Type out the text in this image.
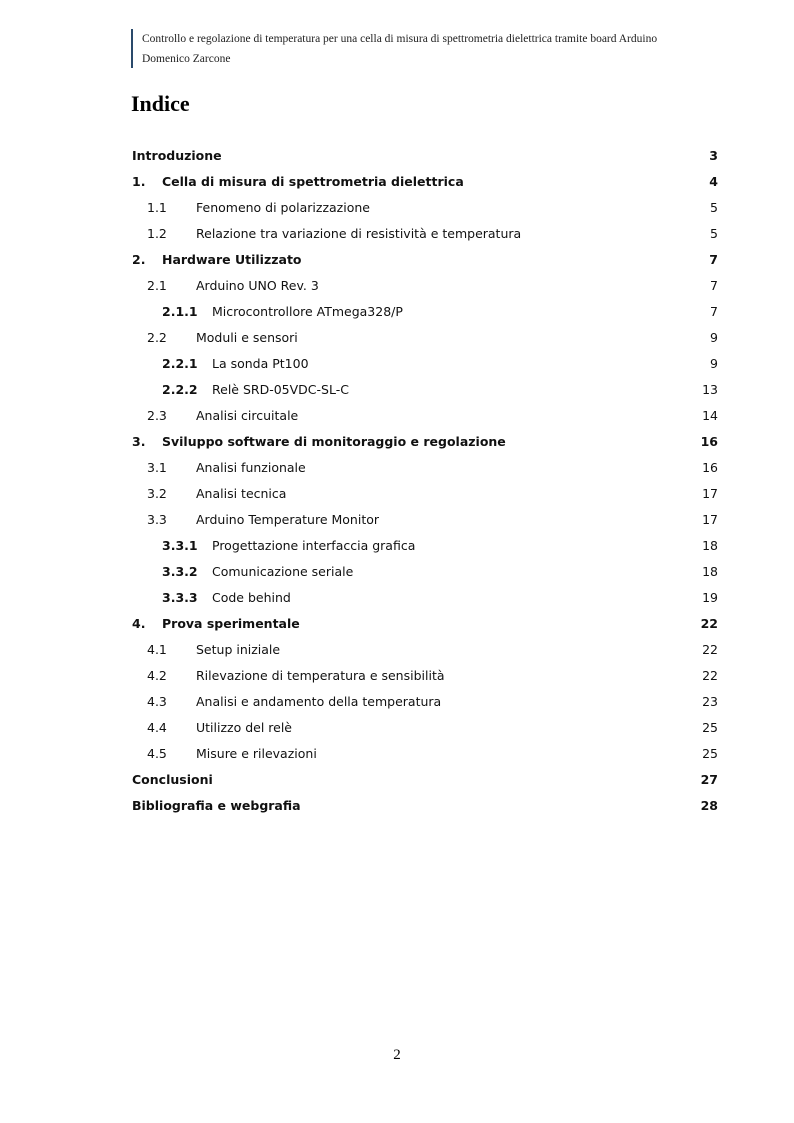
Controllo e regolazione di temperatura per una cella di misura di spettrometria dielettrica tramite board Arduino
Domenico Zarcone
Indice
Introduzione	3
1. Cella di misura di spettrometria dielettrica	4
1.1 Fenomeno di polarizzazione	5
1.2 Relazione tra variazione di resistività e temperatura	5
2. Hardware Utilizzato	7
2.1 Arduino UNO Rev. 3	7
2.1.1 Microcontrollore ATmega328/P	7
2.2 Moduli e sensori	9
2.2.1 La sonda Pt100	9
2.2.2 Relè SRD-05VDC-SL-C	13
2.3 Analisi circuitale	14
3. Sviluppo software di monitoraggio e regolazione	16
3.1 Analisi funzionale	16
3.2 Analisi tecnica	17
3.3 Arduino Temperature Monitor	17
3.3.1 Progettazione interfaccia grafica	18
3.3.2 Comunicazione seriale	18
3.3.3 Code behind	19
4. Prova sperimentale	22
4.1 Setup iniziale	22
4.2 Rilevazione di temperatura e sensibilità	22
4.3 Analisi e andamento della temperatura	23
4.4 Utilizzo del relè	25
4.5 Misure e rilevazioni	25
Conclusioni	27
Bibliografia e webgrafia	28
2
